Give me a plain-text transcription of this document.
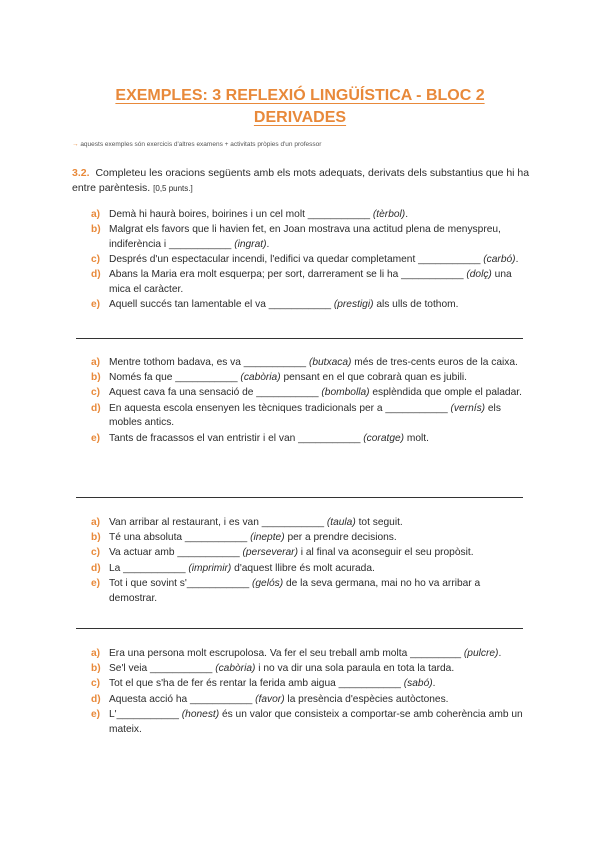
EXEMPLES: 3 REFLEXIÓ LINGÜÍSTICA - BLOC 2
DERIVADES
→ aquests exemples són exercicis d'altres examens + activitats pròpies d'un professor
3.2. Completeu les oracions següents amb els mots adequats, derivats dels substantius que hi ha entre parèntesis. [0,5 punts.]
a) Demà hi haurà boires, boirines i un cel molt ___________ (tèrbol).
b) Malgrat els favors que li havien fet, en Joan mostrava una actitud plena de menyspreu, indiferència i ___________ (ingrat).
c) Després d'un espectacular incendi, l'edifici va quedar completament ___________ (carbó).
d) Abans la Maria era molt esquerpa; per sort, darrerament se li ha ___________ (dolç) una mica el caràcter.
e) Aquell succés tan lamentable el va ___________ (prestigi) als ulls de tothom.
a) Mentre tothom badava, es va ___________ (butxaca) més de tres-cents euros de la caixa.
b) Només fa que ___________ (cabòria) pensant en el que cobrarà quan es jubili.
c) Aquest cava fa una sensació de ___________ (bombolla) esplèndida que omple el paladar.
d) En aquesta escola ensenyen les tècniques tradicionals per a ___________ (vernís) els mobles antics.
e) Tants de fracassos el van entristir i el van ___________ (coratge) molt.
a) Van arribar al restaurant, i es van ___________ (taula) tot seguit.
b) Té una absoluta ___________ (inepte) per a prendre decisions.
c) Va actuar amb ___________ (perseverar) i al final va aconseguir el seu propòsit.
d) La ___________ (imprimir) d'aquest llibre és molt acurada.
e) Tot i que sovint s'___________ (gelós) de la seva germana, mai no ho va arribar a demostrar.
a) Era una persona molt escrupolosa. Va fer el seu treball amb molta _________ (pulcre).
b) Se'l veia ___________ (cabòria) i no va dir una sola paraula en tota la tarda.
c) Tot el que s'ha de fer és rentar la ferida amb aigua ___________ (sabó).
d) Aquesta acció ha ___________ (favor) la presència d'espècies autòctones.
e) L'___________ (honest) és un valor que consisteix a comportar-se amb coherència amb un mateix.
